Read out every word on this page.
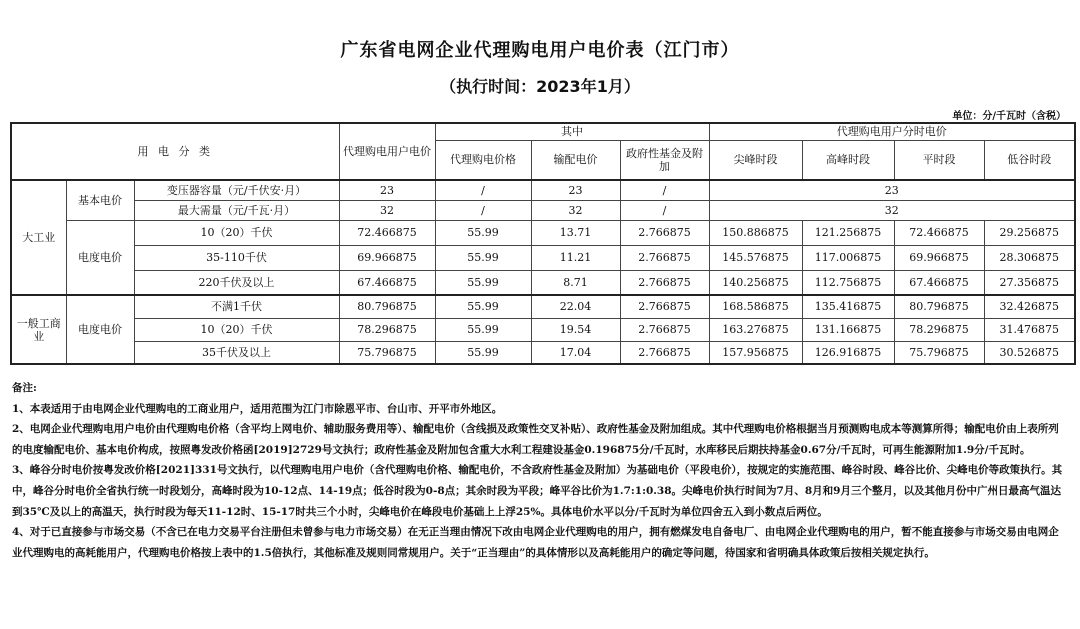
广东省电网企业代理购电用户电价表（江门市）
（执行时间：2023年1月）
单位：分/千瓦时（含税）
用 电 分 类			代理购电用户电价	其中			代理购电用户分时电价			
				代理购电价格	输配电价	政府性基金及附加	尖峰时段	高峰时段	平时段	低谷时段
大工业	基本电价	变压器容量（元/千伏安·月）	23	/	23	/	23			
		最大需量（元/千瓦·月）	32	/	32	/	32			
	电度电价	10（20）千伏	72.466875	55.99	13.71	2.766875	150.886875	121.256875	72.466875	29.256875
		35-110千伏	69.966875	55.99	11.21	2.766875	145.576875	117.006875	69.966875	28.306875
		220千伏及以上	67.466875	55.99	8.71	2.766875	140.256875	112.756875	67.466875	27.356875
一般工商业	电度电价	不满1千伏	80.796875	55.99	22.04	2.766875	168.586875	135.416875	80.796875	32.426875
		10（20）千伏	78.296875	55.99	19.54	2.766875	163.276875	131.166875	78.296875	31.476875
		35千伏及以上	75.796875	55.99	17.04	2.766875	157.956875	126.916875	75.796875	30.526875

备注:

1、本表适用于由电网企业代理购电的工商业用户，适用范围为江门市除恩平市、台山市、开平市外地区。

2、电网企业代理购电用户电价由代理购电价格（含平均上网电价、辅助服务费用等）、输配电价（含线损及政策性交叉补贴）、政府性基金及附加组成。其中代理购电价格根据当月预测购电成本等测算所得；输配电价由上表所列的电度输配电价、基本电价构成，按照粤发改价格函[2019]2729号文执行；政府性基金及附加包含重大水利工程建设基金0.196875分/千瓦时，水库移民后期扶持基金0.67分/千瓦时，可再生能源附加1.9分/千瓦时。

3、峰谷分时电价按粤发改价格[2021]331号文执行，以代理购电用户电价（含代理购电价格、输配电价，不含政府性基金及附加）为基础电价（平段电价），按规定的实施范围、峰谷时段、峰谷比价、尖峰电价等政策执行。其中，峰谷分时电价全省执行统一时段划分，高峰时段为10-12点、14-19点；低谷时段为0-8点；其余时段为平段；峰平谷比价为1.7:1:0.38。尖峰电价执行时间为7月、8月和9月三个整月，以及其他月份中广州日最高气温达到35℃及以上的高温天，执行时段为每天11-12时、15-17时共三个小时，尖峰电价在峰段电价基础上上浮25%。具体电价水平以分/千瓦时为单位四舍五入到小数点后两位。

4、对于已直接参与市场交易（不含已在电力交易平台注册但未曾参与电力市场交易）在无正当理由情况下改由电网企业代理购电的用户，拥有燃煤发电自备电厂、由电网企业代理购电的用户，暂不能直接参与市场交易由电网企业代理购电的高耗能用户，代理购电价格按上表中的1.5倍执行，其他标准及规则同常规用户。关于“正当理由”的具体情形以及高耗能用户的确定等问题，待国家和省明确具体政策后按相关规定执行。
